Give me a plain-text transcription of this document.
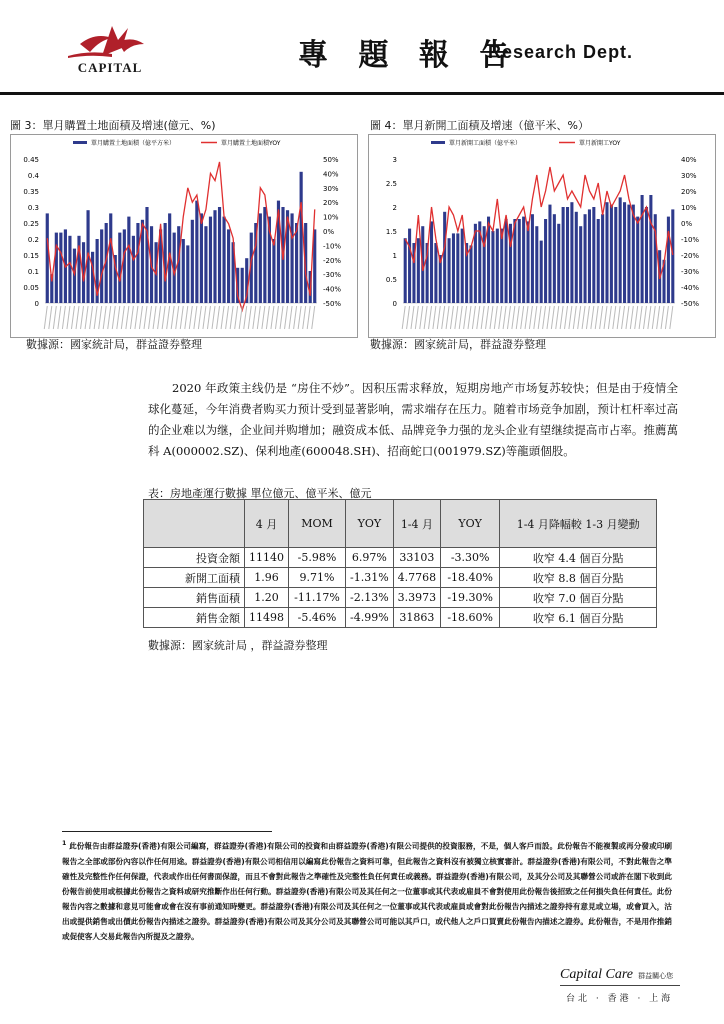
CAPITAL	專 題 報 告
Research Dept.
圖 3：單月購置土地面積及增速(億元、%)
單月購置土地面積（億平方米）	單月購置土地面積YOY
0.45
0.4
0.35
0.3
0.25
0.2
0.15
0.1
0.05
0
50%
40%
30%
20%
10%
0%
-10%
-20%
-30%
-40%
-50%
數據源：國家統計局，群益證券整理
圖 4：單月新開工面積及增速（億平米、%）
單月新開工面積（億平米）	單月新開工YOY
3
2.5
2
1.5
1
0.5
0
40%
30%
20%
10%
0%
-10%
-20%
-30%
-40%
-50%
數據源：國家統計局，群益證券整理
2020 年政策主线仍是 “房住不炒”。因积压需求释放，短期房地产市场复苏较快；但是由于疫情全球化蔓延，今年消费者购买力预计受到显著影响，需求端存在压力。随着市场竞争加剧，预计杠杆率过高的企业难以为继，企业间并购增加；融资成本低、品牌竞争力强的龙头企业有望继续提高市占率。推薦萬科 A(000002.SZ)、保利地產(600048.SH)、招商蛇口(001979.SZ)等龍頭個股。
表：房地產運行數據 單位億元、億平米、億元
	4 月	MOM	YOY	1-4 月	YOY	1-4 月降幅較 1-3 月變動
投資金額	11140	-5.98%	6.97%	33103	-3.30%	收窄 4.4 個百分點
新開工面積	1.96	9.71%	-1.31%	4.7768	-18.40%	收窄 8.8 個百分點
銷售面積	1.20	-11.17%	-2.13%	3.3973	-19.30%	收窄 7.0 個百分點
銷售金額	11498	-5.46%	-4.99%	31863	-18.60%	收窄 6.1 個百分點
數據源：國家統計局 ，群益證券整理
$^1$ 此份報告由群益證券(香港)有限公司編寫，群益證券(香港)有限公司的投資和由群益證券(香港)有限公司提供的投資服務，不是，個人客戶而設。此份報告不能複製或再分發或印刷報告之全部或部份內容以作任何用途。群益證券(香港)有限公司相信用以編寫此份報告之資料可靠，但此報告之資料沒有被獨立核實審計。群益證券(香港)有限公司，不對此報告之準確性及完整性作任何保證，代表或作出任何書面保證，而且不會對此報告之準確性及完整性負任何責任或義務。群益證券(香港)有限公司，及其分公司及其聯營公司或許在閣下收到此份報告前使用或根據此份報告之資料或研究推斷作出任何行動。群益證券(香港)有限公司及其任何之一位董事或其代表或雇員不會對使用此份報告後招致之任何損失負任何責任。此份報告內容之數據和意見可能會或會在沒有事前通知時變更。群益證券(香港)有限公司及其任何之一位董事或其代表或雇員或會對此份報告內描述之證券持有意見或立場，或會買入，沽出或提供銷售或出價此份報告內描述之證券。群益證券(香港)有限公司及其分公司及其聯營公司可能以其戶口，或代他人之戶口買賣此份報告內描述之證券。此份報告，不是用作推銷或促使客人交易此報告內所提及之證券。
Capital Care 群益關心您
台北 · 香港 · 上海
